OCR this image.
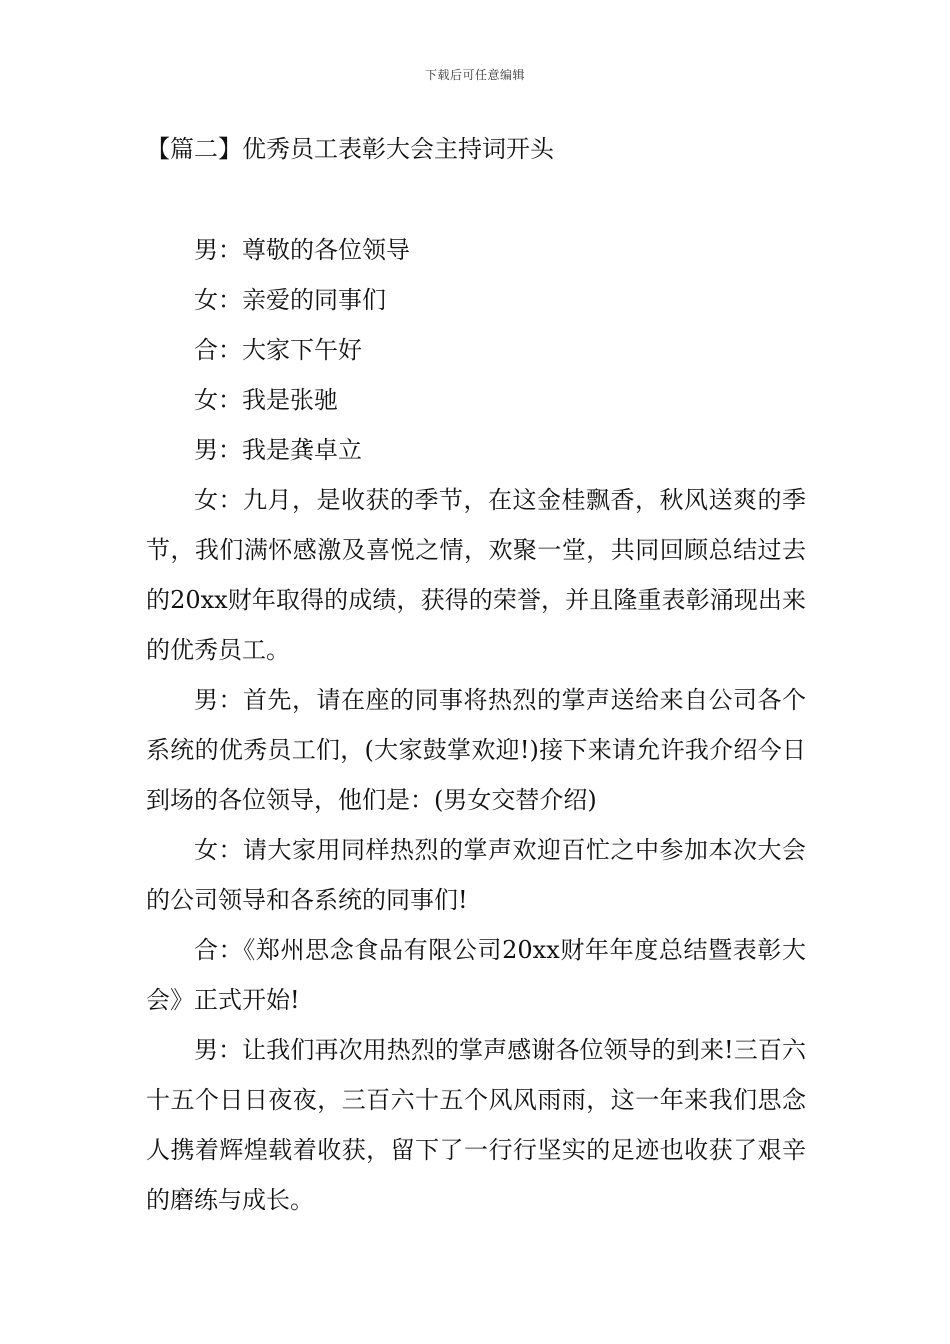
下载后可任意编辑
【篇二】优秀员工表彰大会主持词开头

男：尊敬的各位领导

女：亲爱的同事们

合：大家下午好

女：我是张驰

男：我是龚卓立

女：九月，是收获的季节，在这金桂飘香，秋风送爽的季节，我们满怀感激及喜悦之情，欢聚一堂，共同回顾总结过去的20xx财年取得的成绩，获得的荣誉，并且隆重表彰涌现出来的优秀员工。

男：首先，请在座的同事将热烈的掌声送给来自公司各个系统的优秀员工们，(大家鼓掌欢迎!)接下来请允许我介绍今日到场的各位领导，他们是：(男女交替介绍)

女：请大家用同样热烈的掌声欢迎百忙之中参加本次大会的公司领导和各系统的同事们!

合：《郑州思念食品有限公司20xx财年年度总结暨表彰大会》正式开始!

男：让我们再次用热烈的掌声感谢各位领导的到来!三百六十五个日日夜夜，三百六十五个风风雨雨，这一年来我们思念人携着辉煌载着收获，留下了一行行坚实的足迹也收获了艰辛的磨练与成长。
